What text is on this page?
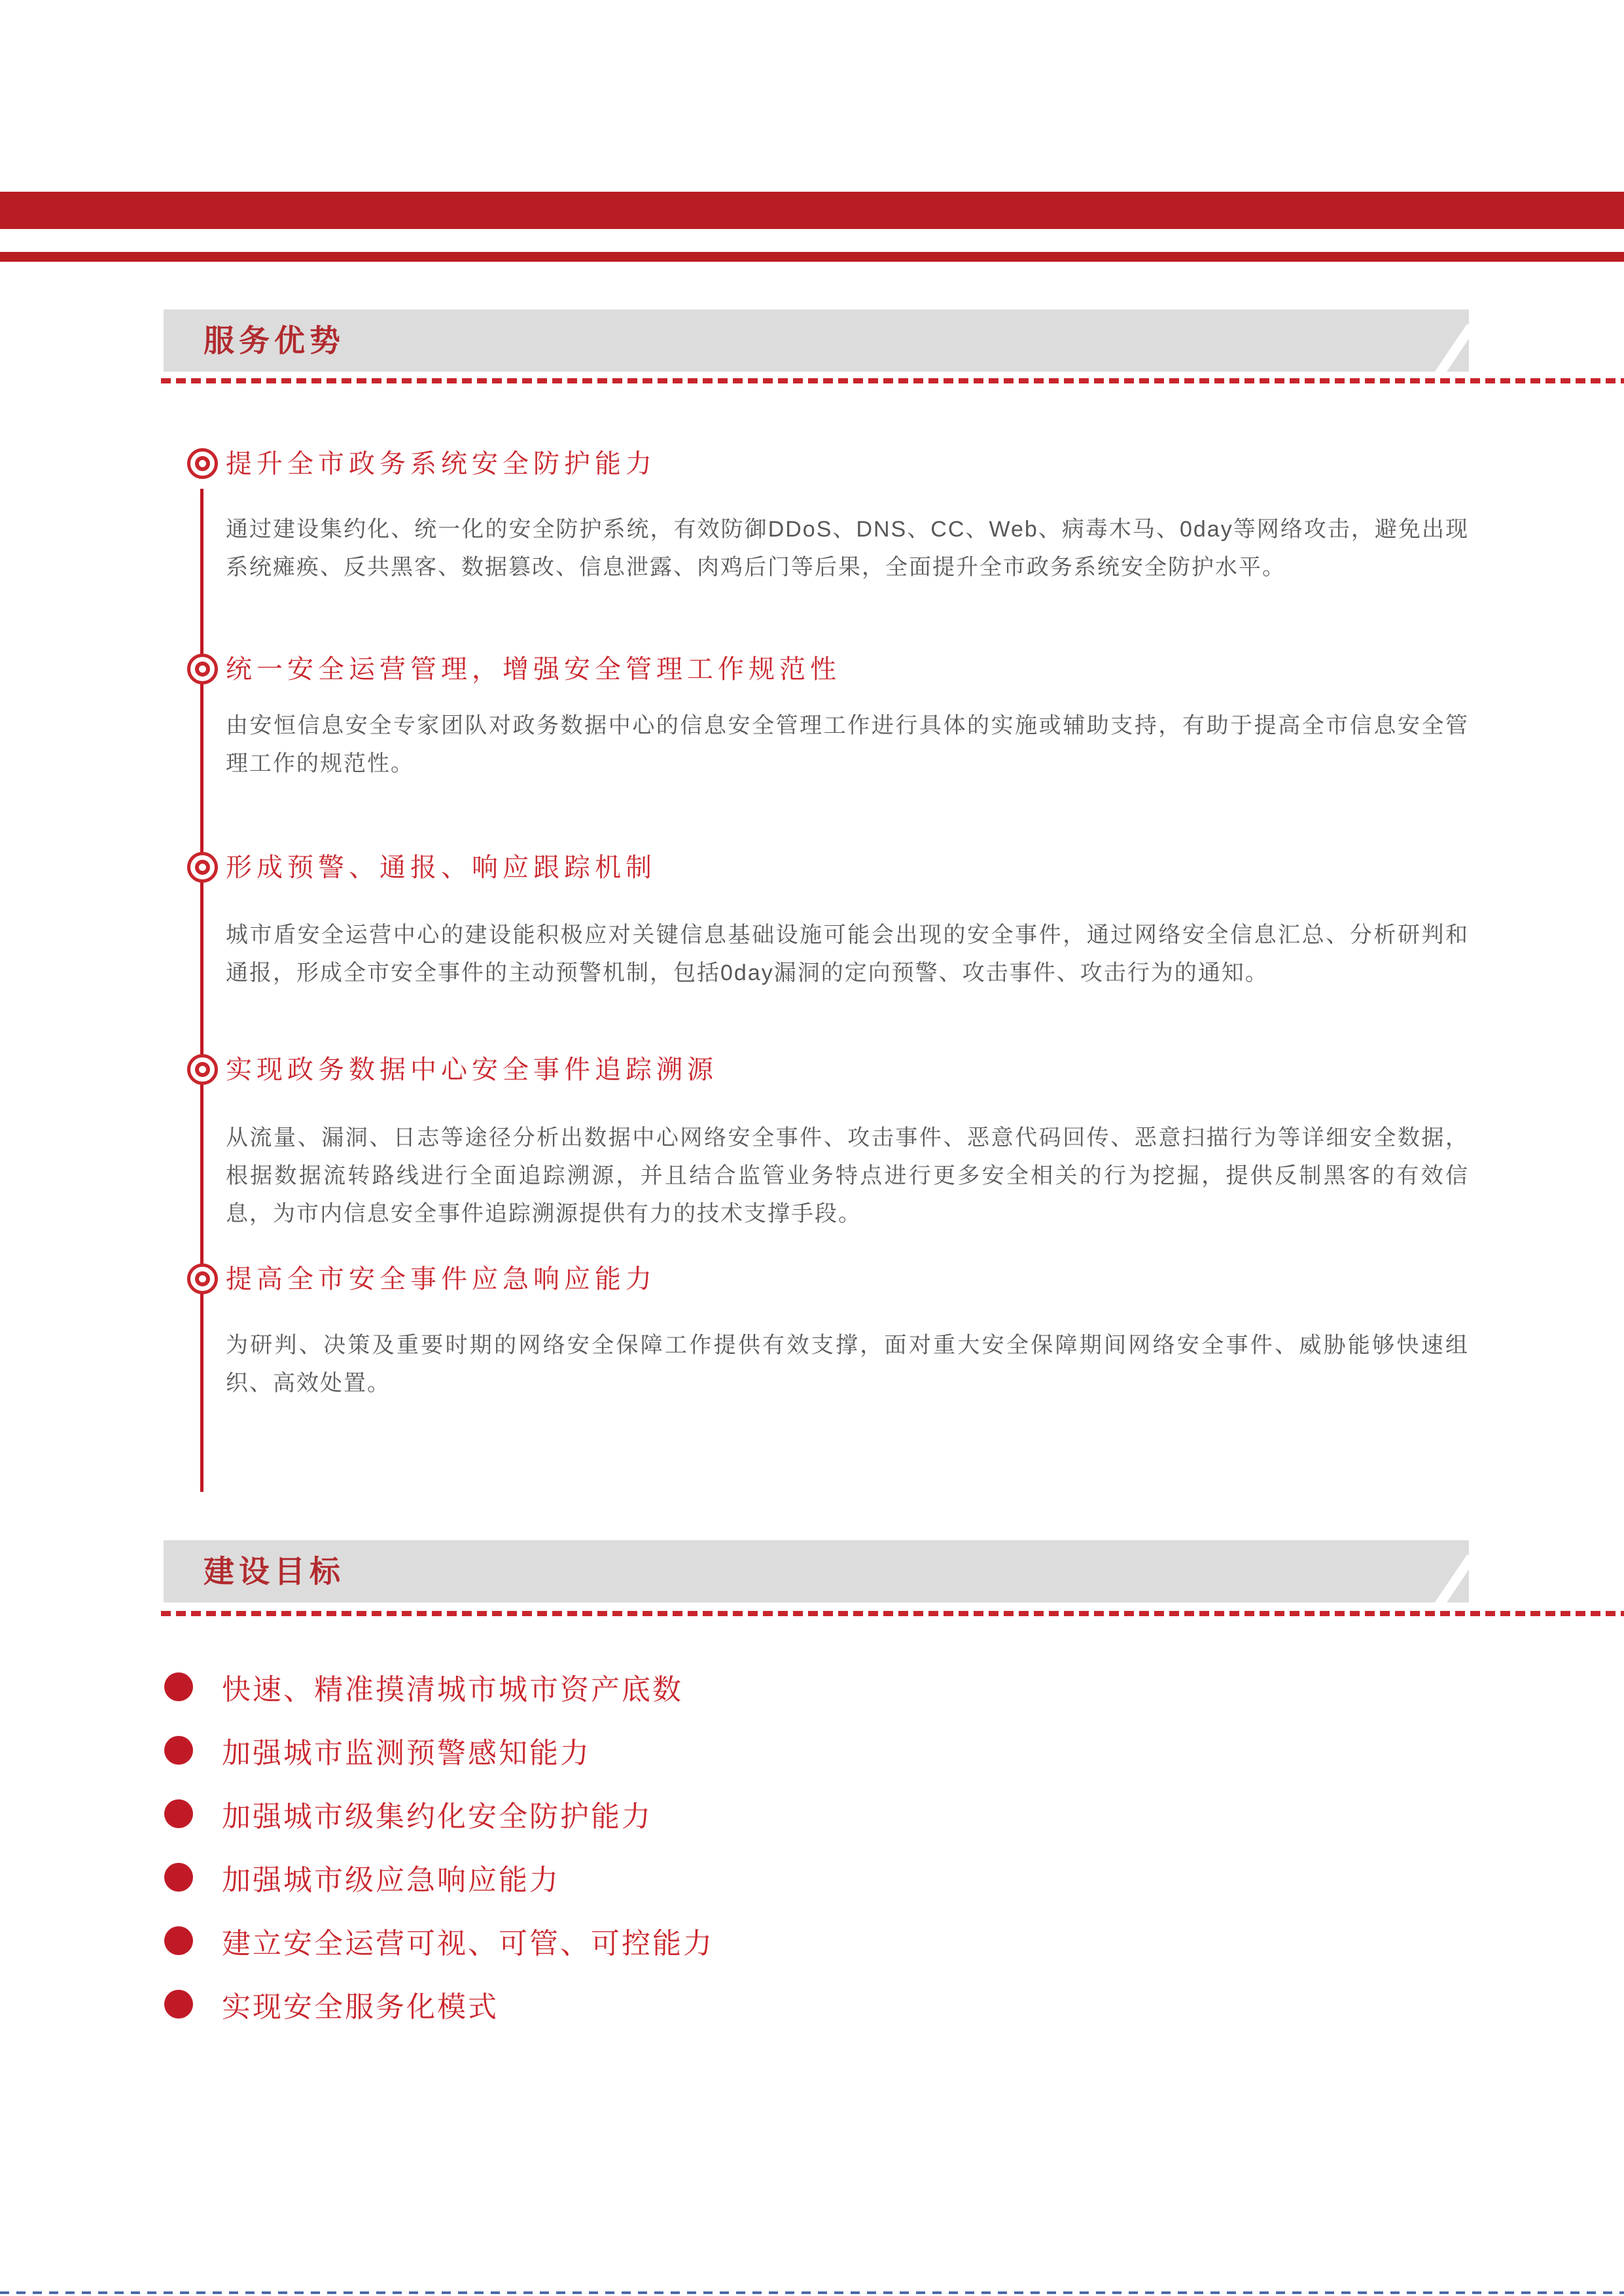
服务优势
提升全市政务系统安全防护能力
通过建设集约化、统一化的安全防护系统，有效防御DDoS、DNS、CC、Web、病毒木马、0day等网络攻击，避免出现系统瘫痪、反共黑客、数据篡改、信息泄露、肉鸡后门等后果，全面提升全市政务系统安全防护水平。
统一安全运营管理，增强安全管理工作规范性
由安恒信息安全专家团队对政务数据中心的信息安全管理工作进行具体的实施或辅助支持，有助于提高全市信息安全管理工作的规范性。
形成预警、通报、响应跟踪机制
城市盾安全运营中心的建设能积极应对关键信息基础设施可能会出现的安全事件，通过网络安全信息汇总、分析研判和通报，形成全市安全事件的主动预警机制，包括0day漏洞的定向预警、攻击事件、攻击行为的通知。
实现政务数据中心安全事件追踪溯源
从流量、漏洞、日志等途径分析出数据中心网络安全事件、攻击事件、恶意代码回传、恶意扫描行为等详细安全数据，根据数据流转路线进行全面追踪溯源，并且结合监管业务特点进行更多安全相关的行为挖掘，提供反制黑客的有效信息，为市内信息安全事件追踪溯源提供有力的技术支撑手段。
提高全市安全事件应急响应能力
为研判、决策及重要时期的网络安全保障工作提供有效支撑，面对重大安全保障期间网络安全事件、威胁能够快速组织、高效处置。
建设目标
快速、精准摸清城市城市资产底数
加强城市监测预警感知能力
加强城市级集约化安全防护能力
加强城市级应急响应能力
建立安全运营可视、可管、可控能力
实现安全服务化模式
